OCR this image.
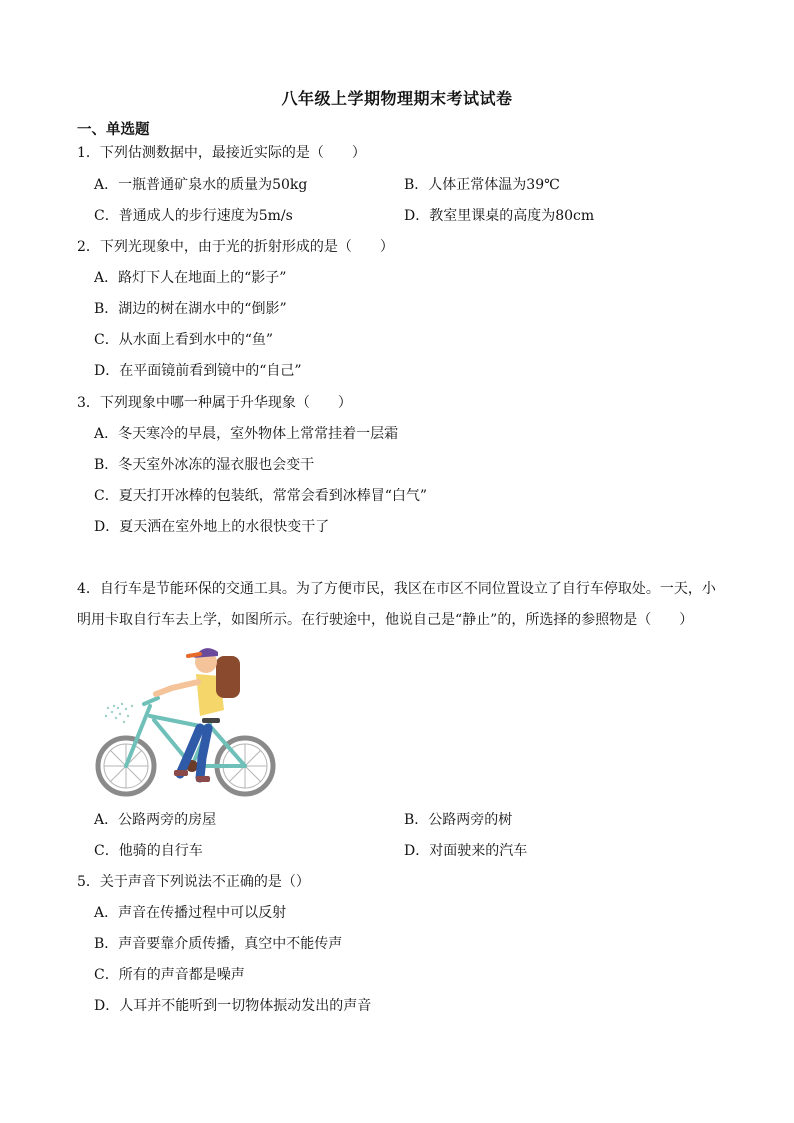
八年级上学期物理期末考试试卷
一、单选题
1．下列估测数据中，最接近实际的是（　　）
A．一瓶普通矿泉水的质量为50kg	B．人体正常体温为39℃
C．普通成人的步行速度为5m/s	D．教室里课桌的高度为80cm
2．下列光现象中，由于光的折射形成的是（　　）
A．路灯下人在地面上的“影子”
B．湖边的树在湖水中的“倒影”
C．从水面上看到水中的“鱼”
D．在平面镜前看到镜中的“自己”
3．下列现象中哪一种属于升华现象（　　）
A．冬天寒冷的早晨，室外物体上常常挂着一层霜
B．冬天室外冰冻的湿衣服也会变干
C．夏天打开冰棒的包装纸，常常会看到冰棒冒“白气”
D．夏天洒在室外地上的水很快变干了
4．自行车是节能环保的交通工具。为了方便市民，我区在市区不同位置设立了自行车停取处。一天，小明用卡取自行车去上学，如图所示。在行驶途中，他说自己是“静止”的，所选择的参照物是（　　）
A．公路两旁的房屋	B．公路两旁的树
C．他骑的自行车	D．对面驶来的汽车
5．关于声音下列说法不正确的是（）
A．声音在传播过程中可以反射
B．声音要靠介质传播，真空中不能传声
C．所有的声音都是噪声
D．人耳并不能听到一切物体振动发出的声音
